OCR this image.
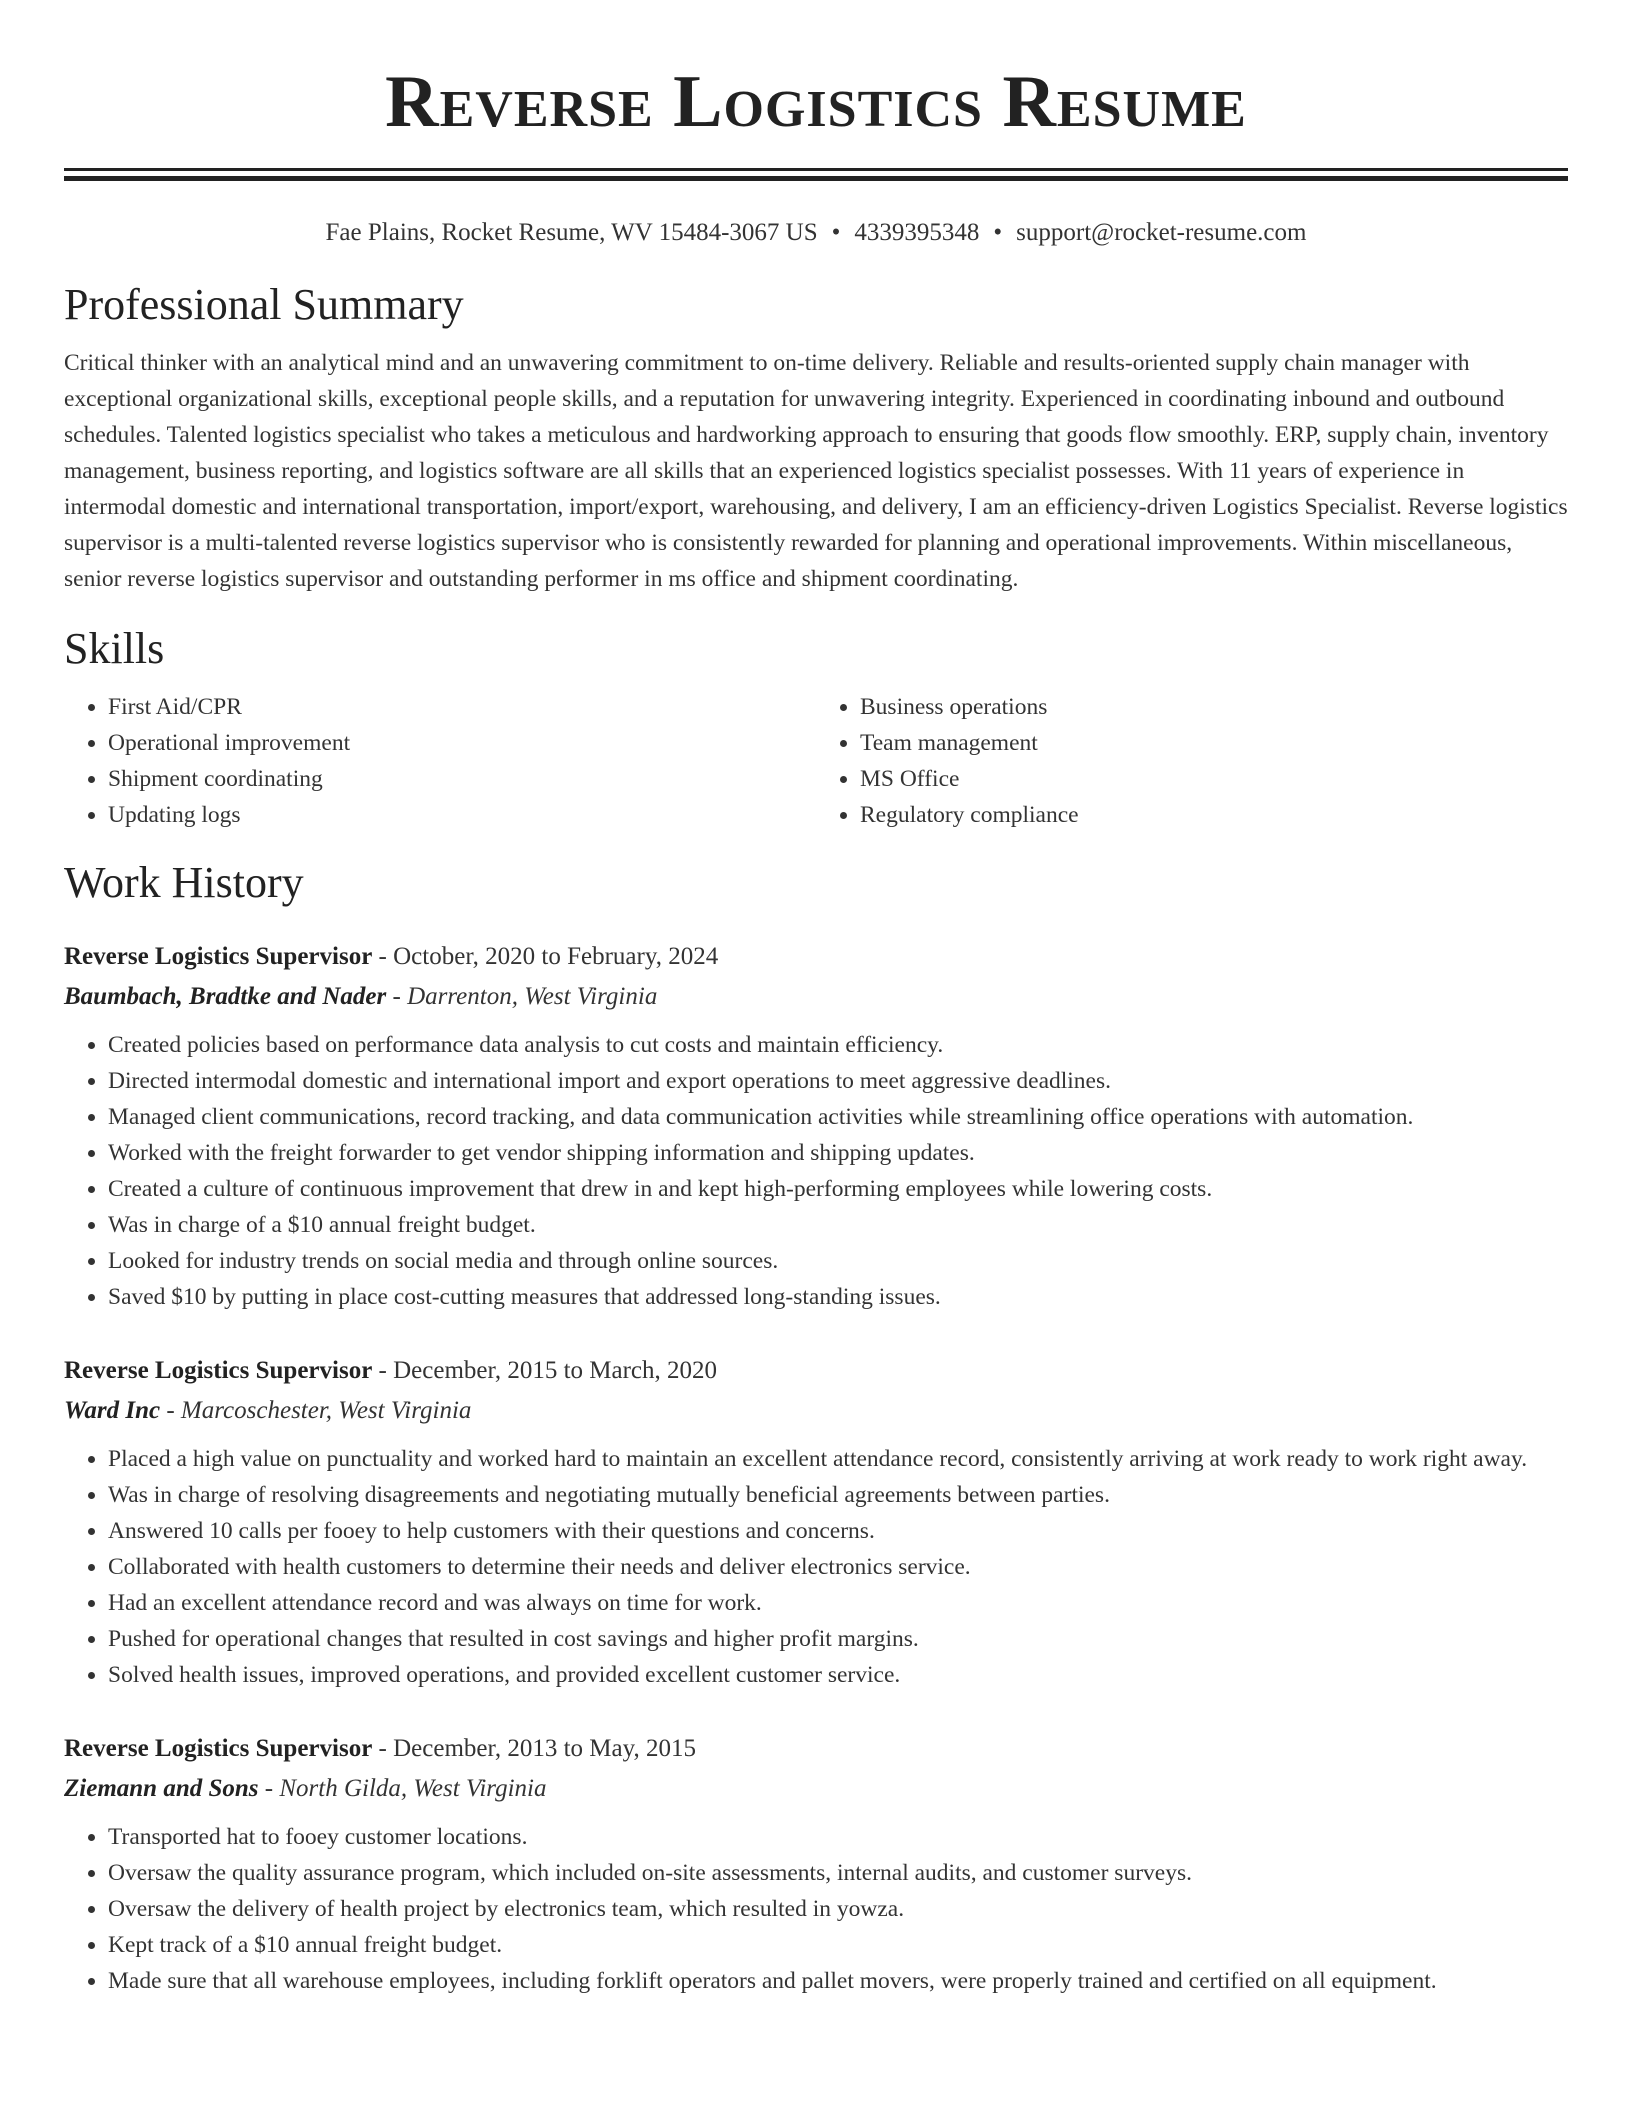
Reverse Logistics Resume
Fae Plains, Rocket Resume, WV 15484-3067 US • 4339395348 • support@rocket-resume.com
Professional Summary

Critical thinker with an analytical mind and an unwavering commitment to on-time delivery. Reliable and results-oriented supply chain manager with exceptional organizational skills, exceptional people skills, and a reputation for unwavering integrity. Experienced in coordinating inbound and outbound schedules. Talented logistics specialist who takes a meticulous and hardworking approach to ensuring that goods flow smoothly. ERP, supply chain, inventory management, business reporting, and logistics software are all skills that an experienced logistics specialist possesses. With 11 years of experience in intermodal domestic and international transportation, import/export, warehousing, and delivery, I am an efficiency-driven Logistics Specialist. Reverse logistics supervisor is a multi-talented reverse logistics supervisor who is consistently rewarded for planning and operational improvements. Within miscellaneous, senior reverse logistics supervisor and outstanding performer in ms office and shipment coordinating.

Skills
• First Aid/CPR
• Operational improvement
• Shipment coordinating
• Updating logs
• Business operations
• Team management
• MS Office
• Regulatory compliance
Work History
Reverse Logistics Supervisor - October, 2020 to February, 2024
Baumbach, Bradtke and Nader - Darrenton, West Virginia
• Created policies based on performance data analysis to cut costs and maintain efficiency.
• Directed intermodal domestic and international import and export operations to meet aggressive deadlines.
• Managed client communications, record tracking, and data communication activities while streamlining office operations with automation.
• Worked with the freight forwarder to get vendor shipping information and shipping updates.
• Created a culture of continuous improvement that drew in and kept high-performing employees while lowering costs.
• Was in charge of a $10 annual freight budget.
• Looked for industry trends on social media and through online sources.
• Saved $10 by putting in place cost-cutting measures that addressed long-standing issues.
Reverse Logistics Supervisor - December, 2015 to March, 2020
Ward Inc - Marcoschester, West Virginia
• Placed a high value on punctuality and worked hard to maintain an excellent attendance record, consistently arriving at work ready to work right away.
• Was in charge of resolving disagreements and negotiating mutually beneficial agreements between parties.
• Answered 10 calls per fooey to help customers with their questions and concerns.
• Collaborated with health customers to determine their needs and deliver electronics service.
• Had an excellent attendance record and was always on time for work.
• Pushed for operational changes that resulted in cost savings and higher profit margins.
• Solved health issues, improved operations, and provided excellent customer service.
Reverse Logistics Supervisor - December, 2013 to May, 2015
Ziemann and Sons - North Gilda, West Virginia
• Transported hat to fooey customer locations.
• Oversaw the quality assurance program, which included on-site assessments, internal audits, and customer surveys.
• Oversaw the delivery of health project by electronics team, which resulted in yowza.
• Kept track of a $10 annual freight budget.
• Made sure that all warehouse employees, including forklift operators and pallet movers, were properly trained and certified on all equipment.
